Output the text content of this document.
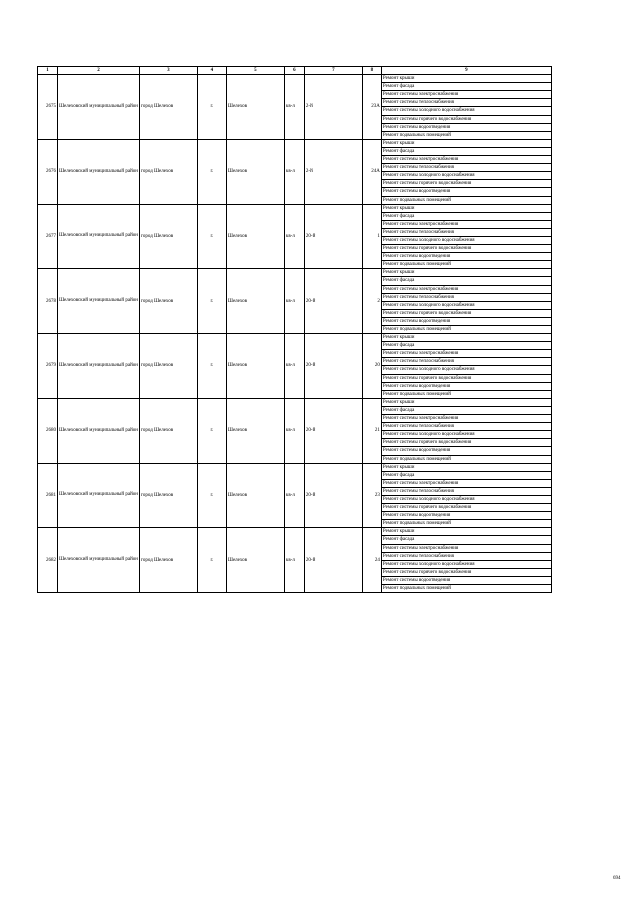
1	2	3	4	5	6	7	8	9
2675	Шелеховский муниципальный район	город Шелехов	г.	Шелехов	кв-л	2-й	23А	Ремонт крыши
								Ремонт фасада
								Ремонт системы электроснабжения
								Ремонт системы теплоснабжения
								Ремонт системы холодного водоснабжения
								Ремонт системы горячего водоснабжения
								Ремонт системы водоотведения
								Ремонт подвальных помещений
2676	Шелеховский муниципальный район	город Шелехов	г.	Шелехов	кв-л	2-й	24А	Ремонт крыши
								Ремонт фасада
								Ремонт системы электроснабжения
								Ремонт системы теплоснабжения
								Ремонт системы холодного водоснабжения
								Ремонт системы горячего водоснабжения
								Ремонт системы водоотведения
								Ремонт подвальных помещений
2677	Шелеховский муниципальный район	город Шелехов	г.	Шелехов	кв-л	20-й	1	Ремонт крыши
								Ремонт фасада
								Ремонт системы электроснабжения
								Ремонт системы теплоснабжения
								Ремонт системы холодного водоснабжения
								Ремонт системы горячего водоснабжения
								Ремонт системы водоотведения
								Ремонт подвальных помещений
2678	Шелеховский муниципальный район	город Шелехов	г.	Шелехов	кв-л	20-й	2	Ремонт крыши
								Ремонт фасада
								Ремонт системы электроснабжения
								Ремонт системы теплоснабжения
								Ремонт системы холодного водоснабжения
								Ремонт системы горячего водоснабжения
								Ремонт системы водоотведения
								Ремонт подвальных помещений
2679	Шелеховский муниципальный район	город Шелехов	г.	Шелехов	кв-л	20-й	20	Ремонт крыши
								Ремонт фасада
								Ремонт системы электроснабжения
								Ремонт системы теплоснабжения
								Ремонт системы холодного водоснабжения
								Ремонт системы горячего водоснабжения
								Ремонт системы водоотведения
								Ремонт подвальных помещений
2680	Шелеховский муниципальный район	город Шелехов	г.	Шелехов	кв-л	20-й	21	Ремонт крыши
								Ремонт фасада
								Ремонт системы электроснабжения
								Ремонт системы теплоснабжения
								Ремонт системы холодного водоснабжения
								Ремонт системы горячего водоснабжения
								Ремонт системы водоотведения
								Ремонт подвальных помещений
2681	Шелеховский муниципальный район	город Шелехов	г.	Шелехов	кв-л	20-й	23	Ремонт крыши
								Ремонт фасада
								Ремонт системы электроснабжения
								Ремонт системы теплоснабжения
								Ремонт системы холодного водоснабжения
								Ремонт системы горячего водоснабжения
								Ремонт системы водоотведения
								Ремонт подвальных помещений
2682	Шелеховский муниципальный район	город Шелехов	г.	Шелехов	кв-л	20-й	24	Ремонт крыши
								Ремонт фасада
								Ремонт системы электроснабжения
								Ремонт системы теплоснабжения
								Ремонт системы холодного водоснабжения
								Ремонт системы горячего водоснабжения
								Ремонт системы водоотведения
								Ремонт подвальных помещений
694
